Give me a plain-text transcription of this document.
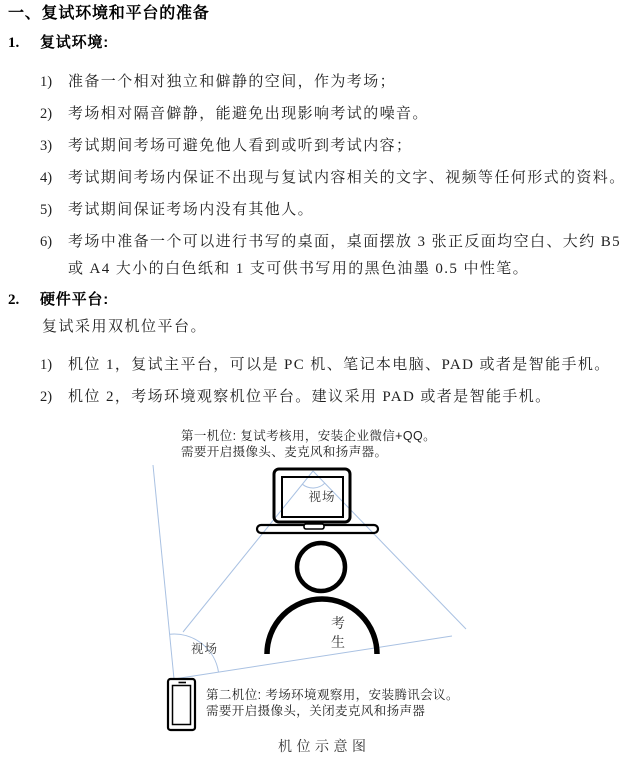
一、复试环境和平台的准备
1.	复试环境:
1)	准备一个相对独立和僻静的空间，作为考场；
2)	考场相对隔音僻静，能避免出现影响考试的噪音。
3)	考试期间考场可避免他人看到或听到考试内容；
4)	考试期间考场内保证不出现与复试内容相关的文字、视频等任何形式的资料。
5)	考试期间保证考场内没有其他人。
6)	考场中准备一个可以进行书写的桌面，桌面摆放 3 张正反面均空白、大约 B5 或 A4 大小的白色纸和 1 支可供书写用的黑色油墨 0.5 中性笔。
2.	硬件平台:
复试采用双机位平台。
1)	机位 1，复试主平台，可以是 PC 机、笔记本电脑、PAD 或者是智能手机。
2)	机位 2，考场环境观察机位平台。建议采用 PAD 或者是智能手机。
第一机位: 复试考核用，安装企业微信+QQ。
需要开启摄像头、麦克风和扬声器。
第二机位: 考场环境观察用，安装腾讯会议。
需要开启摄像头，关闭麦克风和扬声器
机位示意图
视场
考
生
视场
